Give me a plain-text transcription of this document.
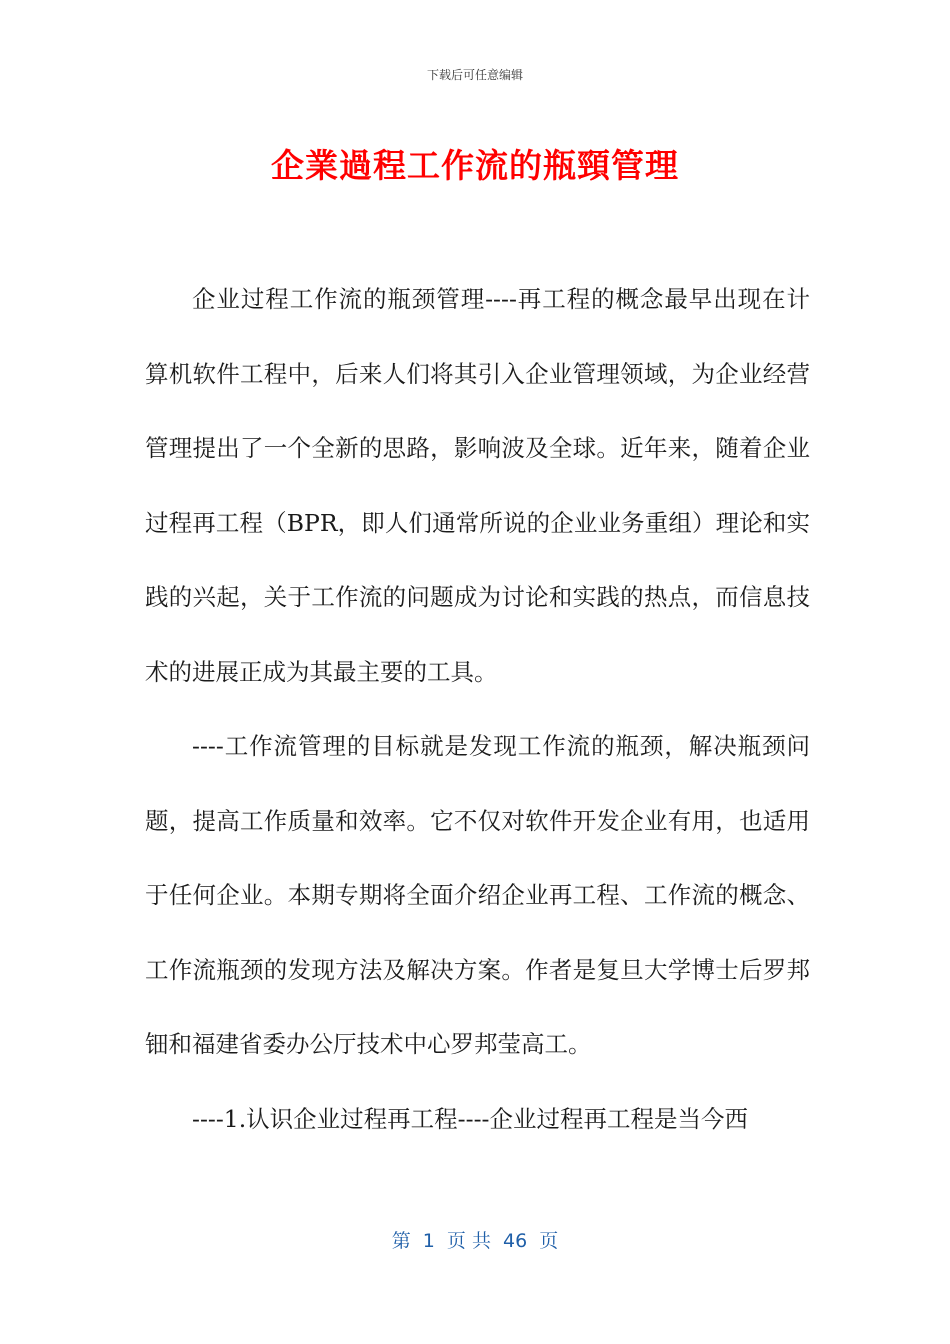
下载后可任意编辑
企業過程工作流的瓶頸管理

企业过程工作流的瓶颈管理----再工程的概念最早出现在计算机软件工程中，后来人们将其引入企业管理领域，为企业经营管理提出了一个全新的思路，影响波及全球。近年来，随着企业过程再工程（BPR，即人们通常所说的企业业务重组）理论和实践的兴起，关于工作流的问题成为讨论和实践的热点，而信息技术的进展正成为其最主要的工具。

----工作流管理的目标就是发现工作流的瓶颈，解决瓶颈问题，提高工作质量和效率。它不仅对软件开发企业有用，也适用于任何企业。本期专期将全面介绍企业再工程、工作流的概念、工作流瓶颈的发现方法及解决方案。作者是复旦大学博士后罗邦钿和福建省委办公厅技术中心罗邦莹高工。

----1.认识企业过程再工程----企业过程再工程是当今西

第  1  页 共  46  页
